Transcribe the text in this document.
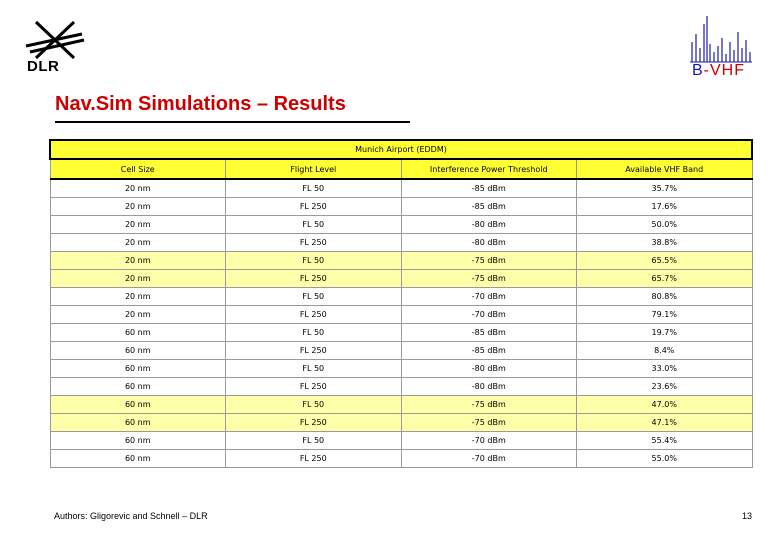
DLR	B-VHF
Nav.Sim Simulations – Results
Munich Airport (EDDM)			
Cell Size	Flight Level	Interference Power Threshold	Available VHF Band
20 nm	FL 50	-85 dBm	35.7%
20 nm	FL 250	-85 dBm	17.6%
20 nm	FL 50	-80 dBm	50.0%
20 nm	FL 250	-80 dBm	38.8%
20 nm	FL 50	-75 dBm	65.5%
20 nm	FL 250	-75 dBm	65.7%
20 nm	FL 50	-70 dBm	80.8%
20 nm	FL 250	-70 dBm	79.1%
60 nm	FL 50	-85 dBm	19.7%
60 nm	FL 250	-85 dBm	8.4%
60 nm	FL 50	-80 dBm	33.0%
60 nm	FL 250	-80 dBm	23.6%
60 nm	FL 50	-75 dBm	47.0%
60 nm	FL 250	-75 dBm	47.1%
60 nm	FL 50	-70 dBm	55.4%
60 nm	FL 250	-70 dBm	55.0%
Authors: Gligorevic and Schnell – DLR	13
